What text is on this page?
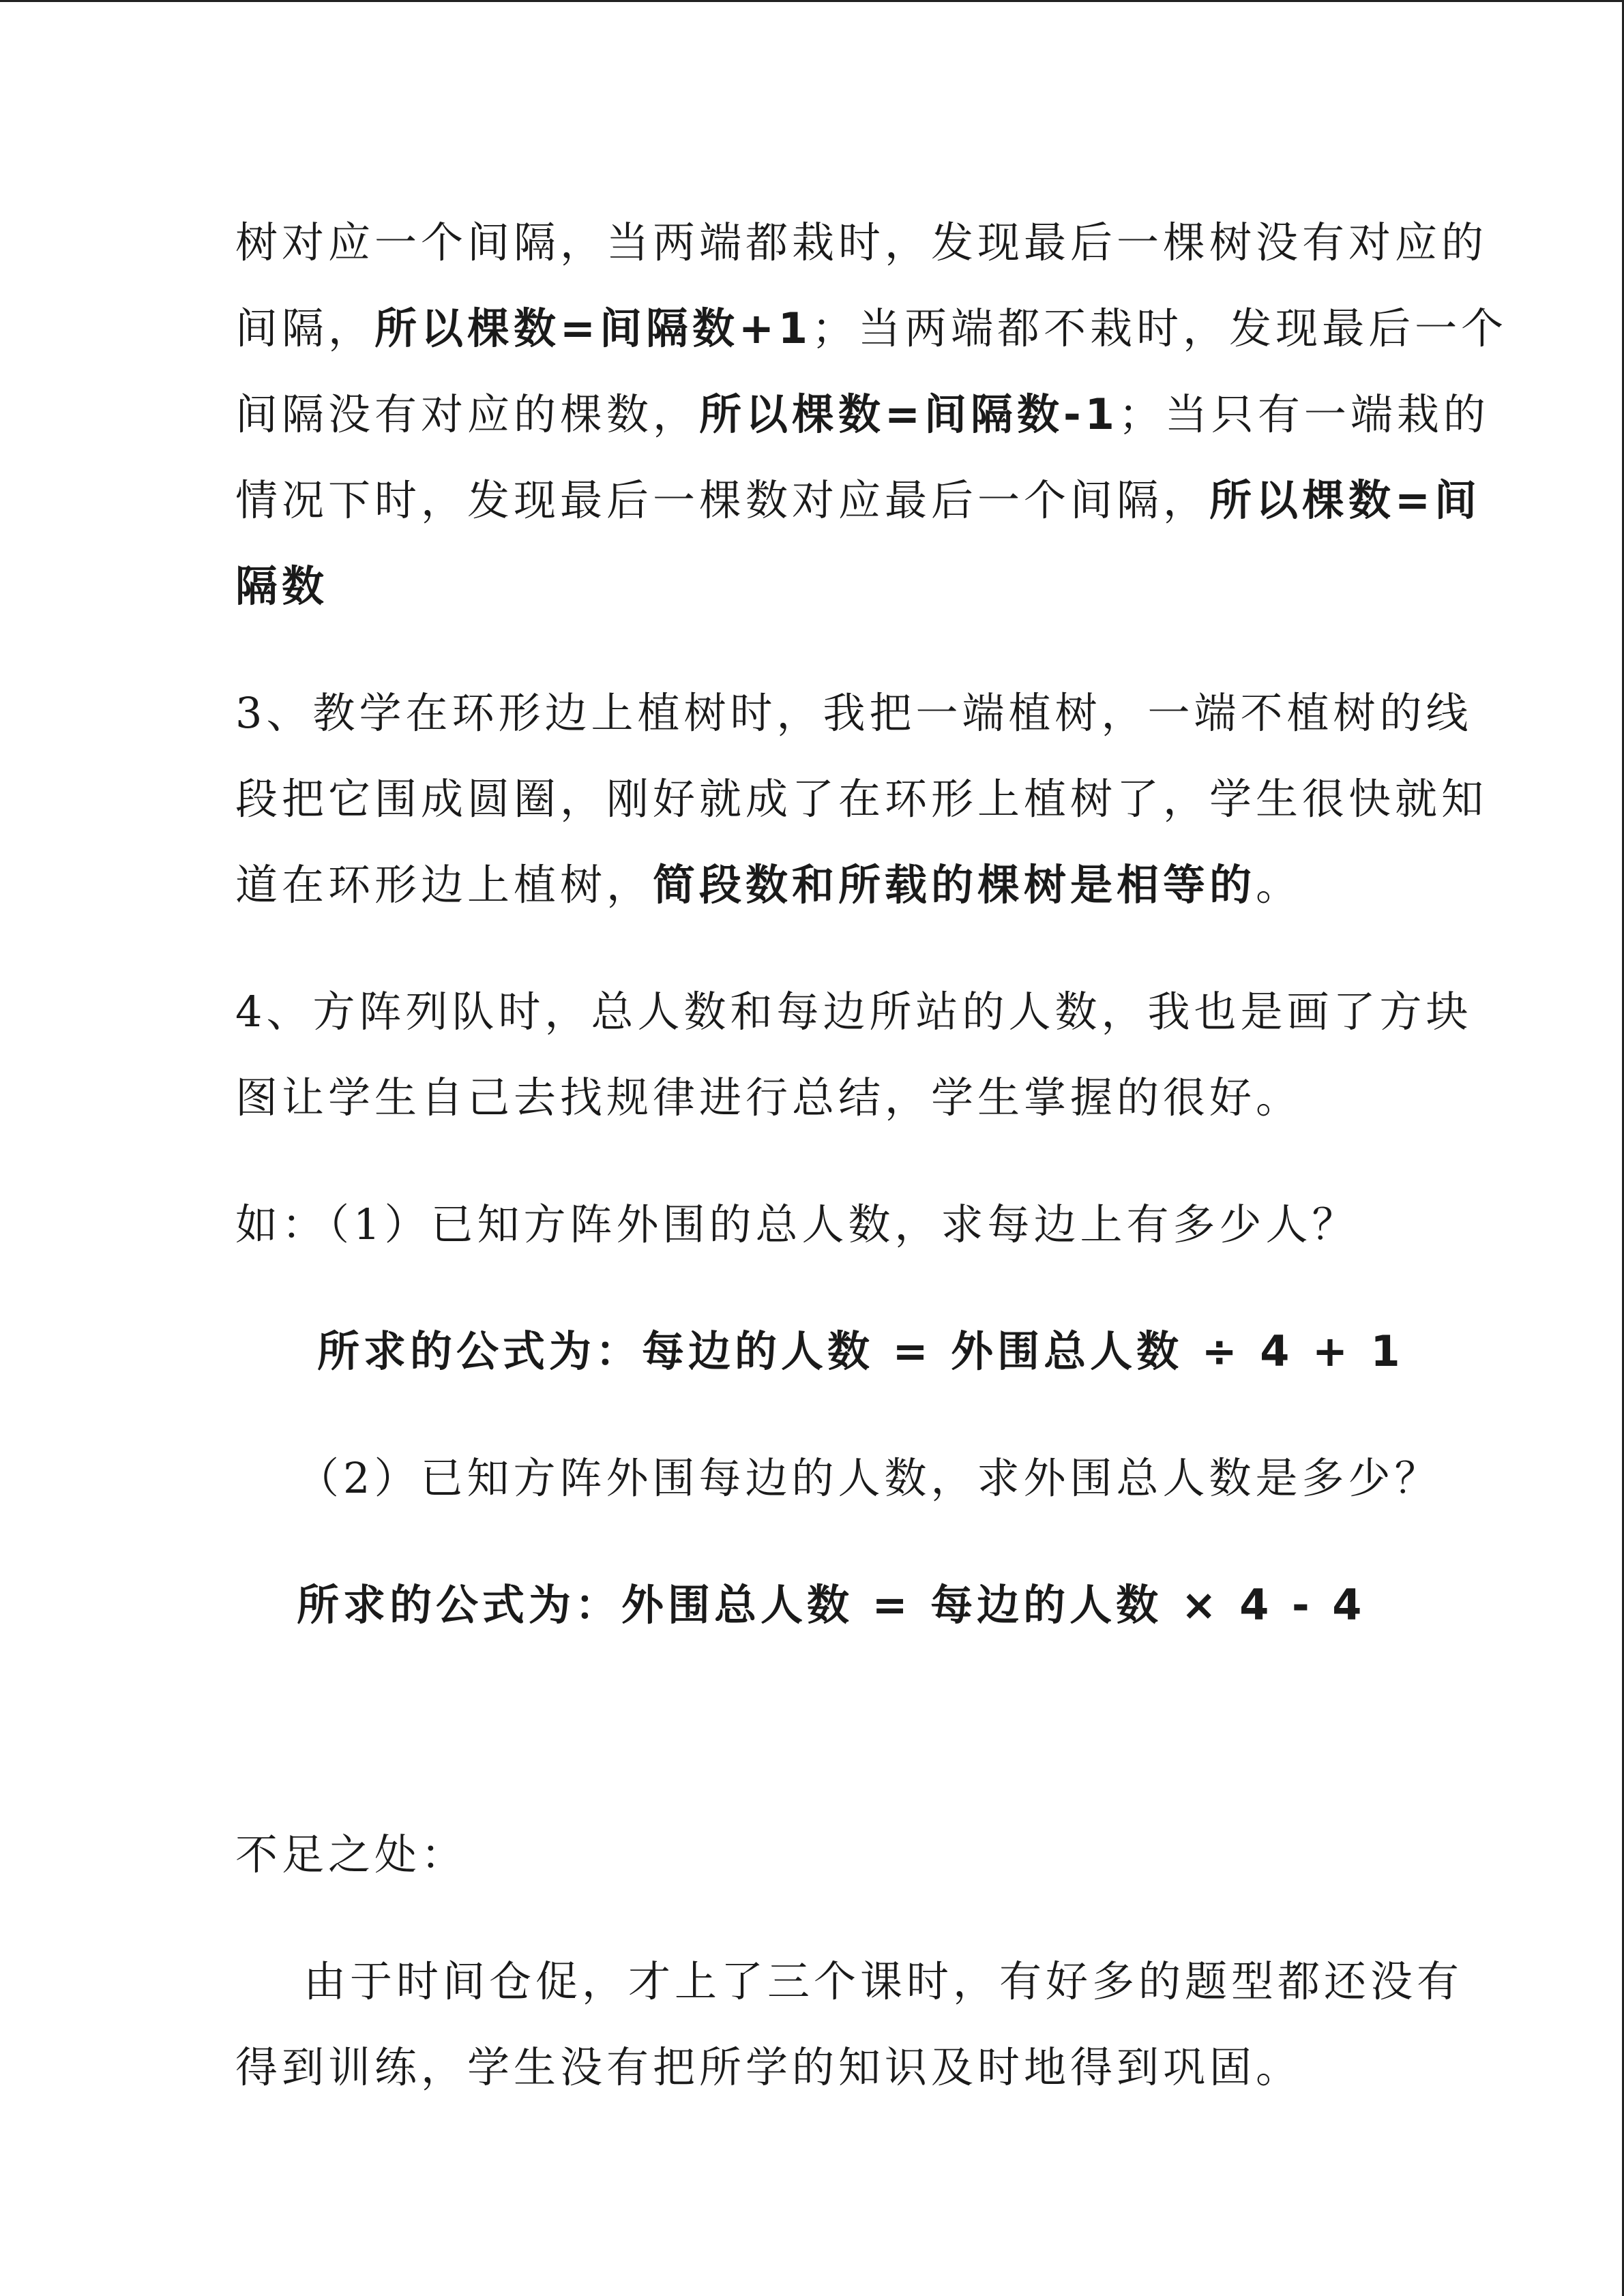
树对应一个间隔，当两端都栽时，发现最后一棵树没有对应的
间隔，所以棵数=间隔数+1；当两端都不栽时，发现最后一个
间隔没有对应的棵数，所以棵数=间隔数-1；当只有一端栽的
情况下时，发现最后一棵数对应最后一个间隔，所以棵数=间
隔数
3、教学在环形边上植树时，我把一端植树，一端不植树的线
段把它围成圆圈，刚好就成了在环形上植树了，学生很快就知
道在环形边上植树，简段数和所载的棵树是相等的。
4、方阵列队时，总人数和每边所站的人数，我也是画了方块
图让学生自己去找规律进行总结，学生掌握的很好。
如：（1）已知方阵外围的总人数，求每边上有多少人？
所求的公式为：每边的人数 = 外围总人数 ÷ 4 + 1
（2）已知方阵外围每边的人数，求外围总人数是多少？
所求的公式为：外围总人数 = 每边的人数 × 4 - 4
不足之处：
由于时间仓促，才上了三个课时，有好多的题型都还没有
得到训练，学生没有把所学的知识及时地得到巩固。
